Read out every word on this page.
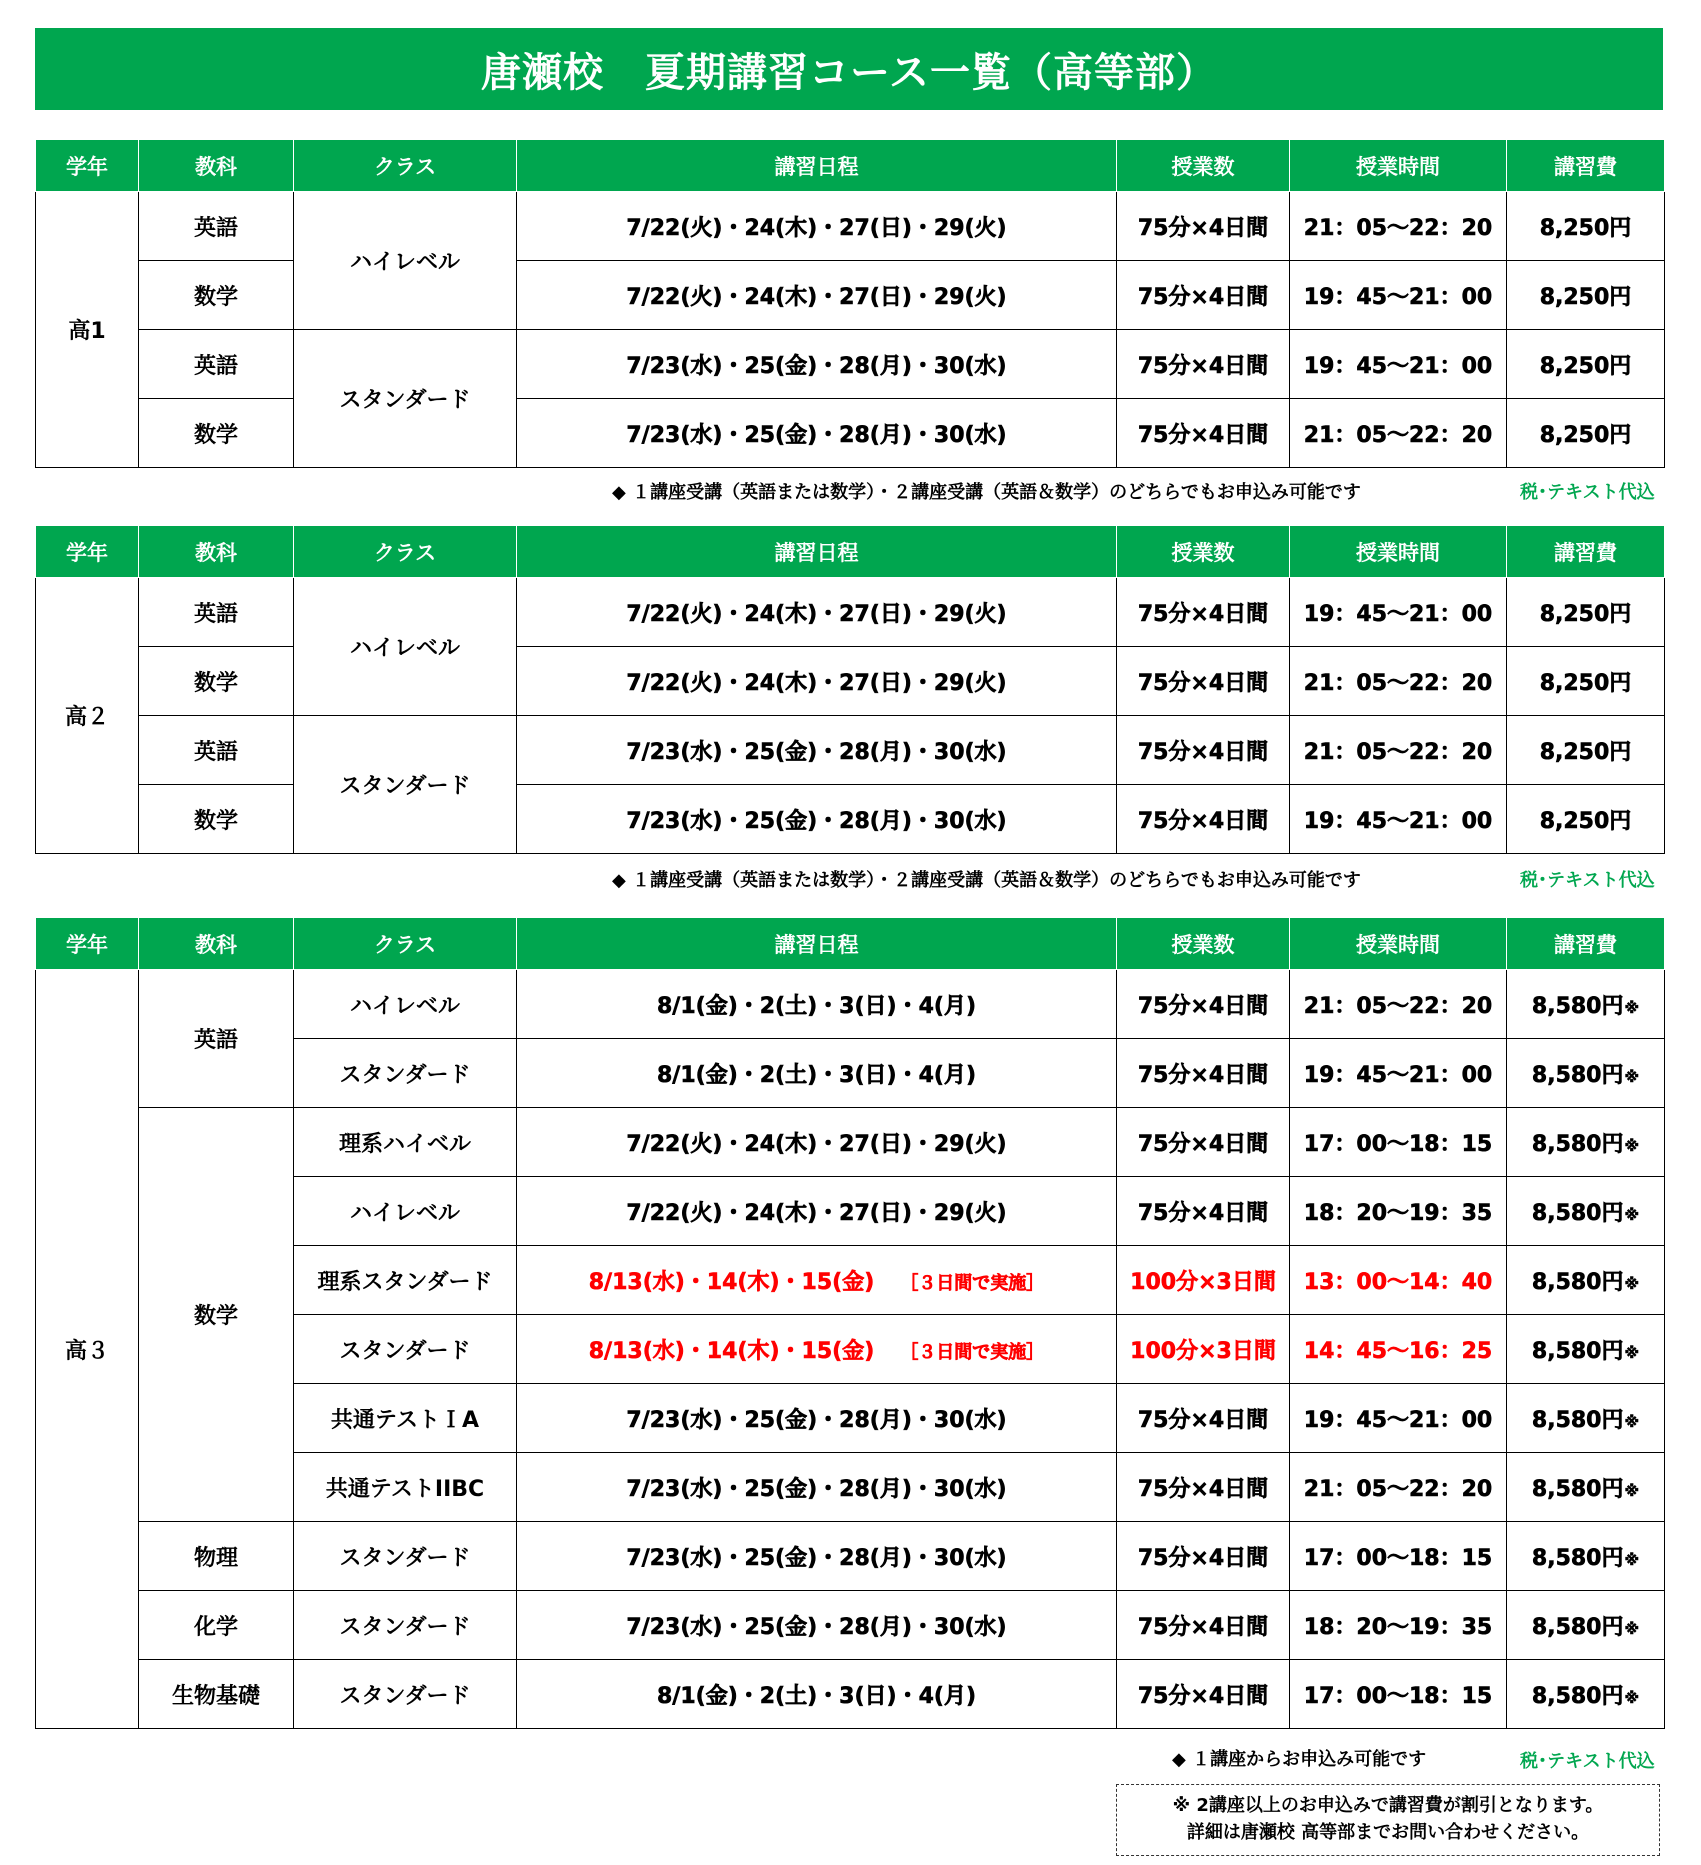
唐瀬校　夏期講習コース一覧（高等部）
学年	教科	クラス	講習日程	授業数	授業時間	講習費
高1	英語	ハイレベル	7/22(火)・24(木)・27(日)・29(火)	75分×4日間	21：05～22：20	8,250円
	数学		7/22(火)・24(木)・27(日)・29(火)	75分×4日間	19：45～21：00	8,250円
	英語	スタンダード	7/23(水)・25(金)・28(月)・30(水)	75分×4日間	19：45～21：00	8,250円
	数学		7/23(水)・25(金)・28(月)・30(水)	75分×4日間	21：05～22：20	8,250円
◆ １講座受講（英語または数学）・２講座受講（英語＆数学）のどちらでもお申込み可能です	税･テキスト代込
学年	教科	クラス	講習日程	授業数	授業時間	講習費
高２	英語	ハイレベル	7/22(火)・24(木)・27(日)・29(火)	75分×4日間	19：45～21：00	8,250円
	数学		7/22(火)・24(木)・27(日)・29(火)	75分×4日間	21：05～22：20	8,250円
	英語	スタンダード	7/23(水)・25(金)・28(月)・30(水)	75分×4日間	21：05～22：20	8,250円
	数学		7/23(水)・25(金)・28(月)・30(水)	75分×4日間	19：45～21：00	8,250円
◆ １講座受講（英語または数学）・２講座受講（英語＆数学）のどちらでもお申込み可能です	税･テキスト代込
学年	教科	クラス	講習日程	授業数	授業時間	講習費
高３	英語	ハイレベル	8/1(金)・2(土)・3(日)・4(月)	75分×4日間	21：05～22：20	8,580円※
		スタンダード	8/1(金)・2(土)・3(日)・4(月)	75分×4日間	19：45～21：00	8,580円※
	数学	理系ハイベル	7/22(火)・24(木)・27(日)・29(火)	75分×4日間	17：00～18：15	8,580円※
		ハイレベル	7/22(火)・24(木)・27(日)・29(火)	75分×4日間	18：20～19：35	8,580円※
		理系スタンダード	8/13(水)・14(木)・15(金) ［３日間で実施］	100分×3日間	13：00～14：40	8,580円※
		スタンダード	8/13(水)・14(木)・15(金) ［３日間で実施］	100分×3日間	14：45～16：25	8,580円※
		共通テストＩA	7/23(水)・25(金)・28(月)・30(水)	75分×4日間	19：45～21：00	8,580円※
		共通テストIIBC	7/23(水)・25(金)・28(月)・30(水)	75分×4日間	21：05～22：20	8,580円※
	物理	スタンダード	7/23(水)・25(金)・28(月)・30(水)	75分×4日間	17：00～18：15	8,580円※
	化学	スタンダード	7/23(水)・25(金)・28(月)・30(水)	75分×4日間	18：20～19：35	8,580円※
	生物基礎	スタンダード	8/1(金)・2(土)・3(日)・4(月)	75分×4日間	17：00～18：15	8,580円※
◆ １講座からお申込み可能です	税･テキスト代込
※ 2講座以上のお申込みで講習費が割引となります。
詳細は唐瀬校 高等部までお問い合わせください。
